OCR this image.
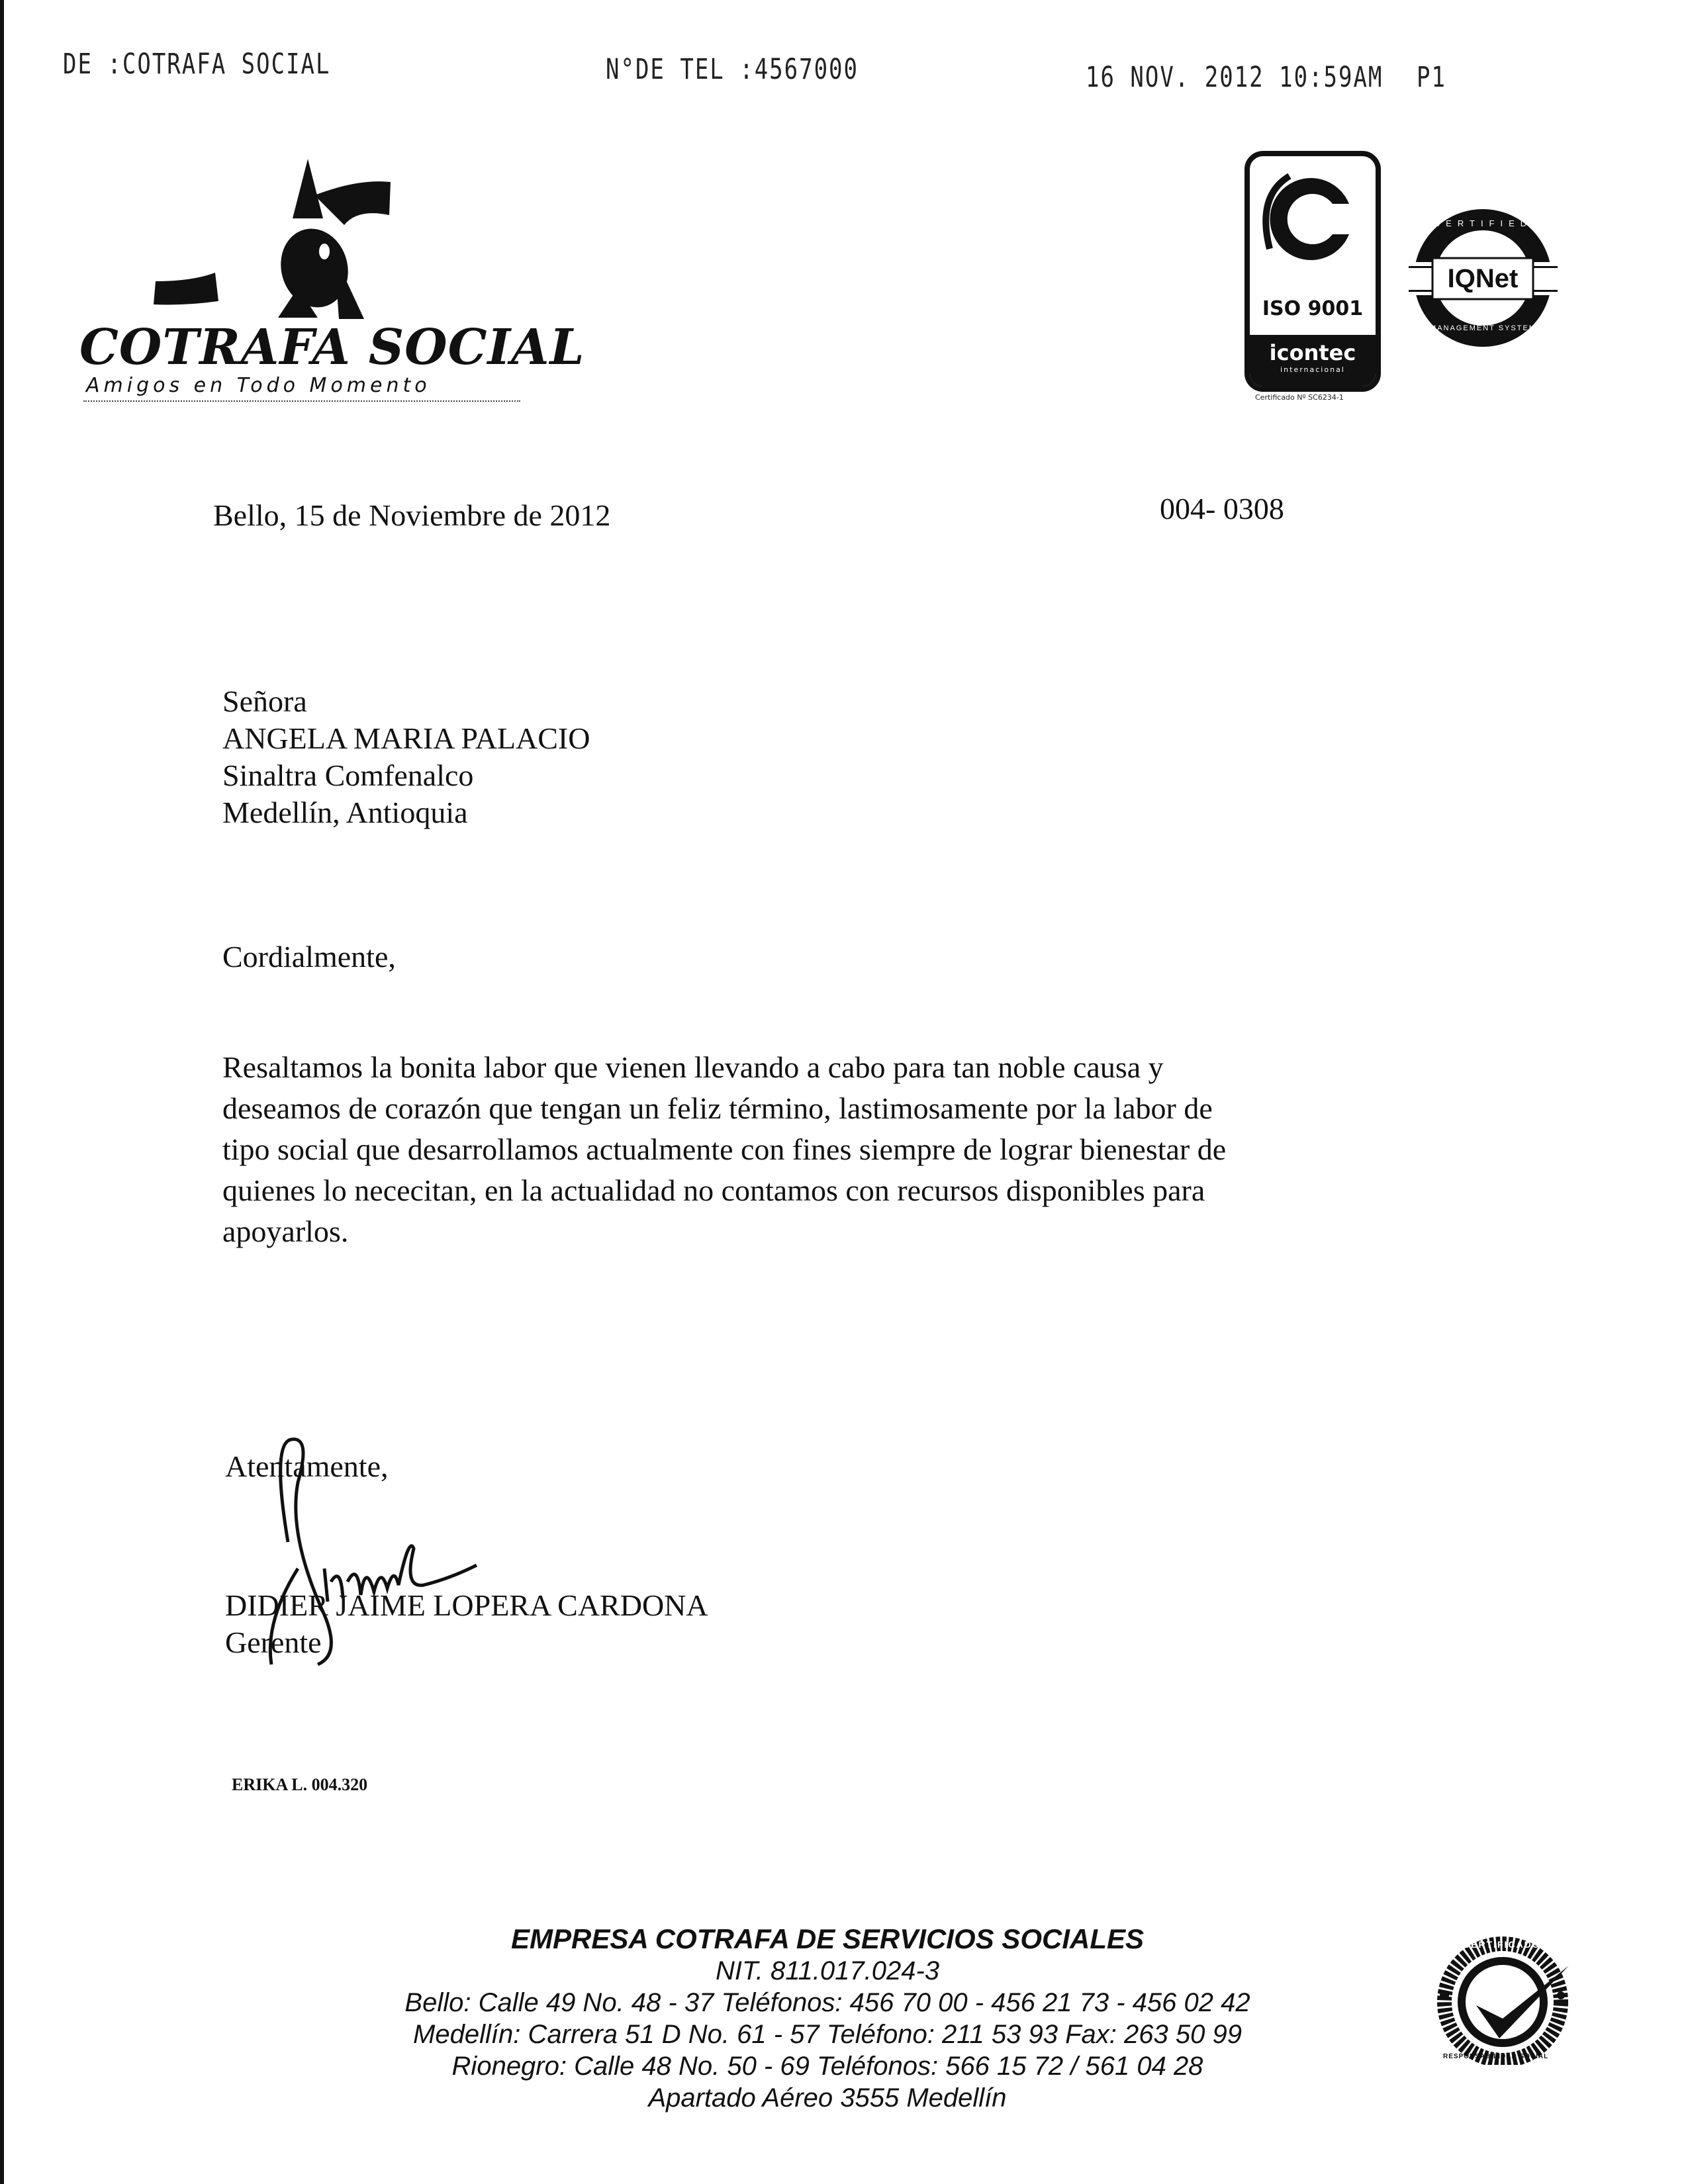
DE :COTRAFA SOCIAL	N°DE TEL :4567000	16 NOV. 2012 10:59AM P1
COTRAFA SOCIAL
Amigos en Todo Momento
ISO 9001
icontec
internacional
Certificado Nº SC6234-1
IQNet
CERTIFIED
MANAGEMENT SYSTEM
Bello, 15 de Noviembre de 2012	004- 0308
Señora
ANGELA MARIA PALACIO
Sinaltra Comfenalco
Medellín, Antioquia
Cordialmente,
Resaltamos la bonita labor que vienen llevando a cabo para tan noble causa y
deseamos de corazón que tengan un feliz término, lastimosamente por la labor de
tipo social que desarrollamos actualmente con fines siempre de lograr bienestar de
quienes lo nececitan, en la actualidad no contamos con recursos disponibles para
apoyarlos.
Atentamente,
DIDIER JAIME LOPERA CARDONA
Gerente
ERIKA L. 004.320
EMPRESA COTRAFA DE SERVICIOS SOCIALES
NIT. 811.017.024-3
Bello: Calle 49 No. 48 - 37 Teléfonos: 456 70 00 - 456 21 73 - 456 02 42
Medellín: Carrera 51 D No. 61 - 57 Teléfono: 211 53 93 Fax: 263 50 99
Rionegro: Calle 48 No. 50 - 69 Teléfonos: 566 15 72 / 561 04 28
Apartado Aéreo 3555 Medellín
CERTIFICADO
RESPONSABILIDAD SOCIAL
